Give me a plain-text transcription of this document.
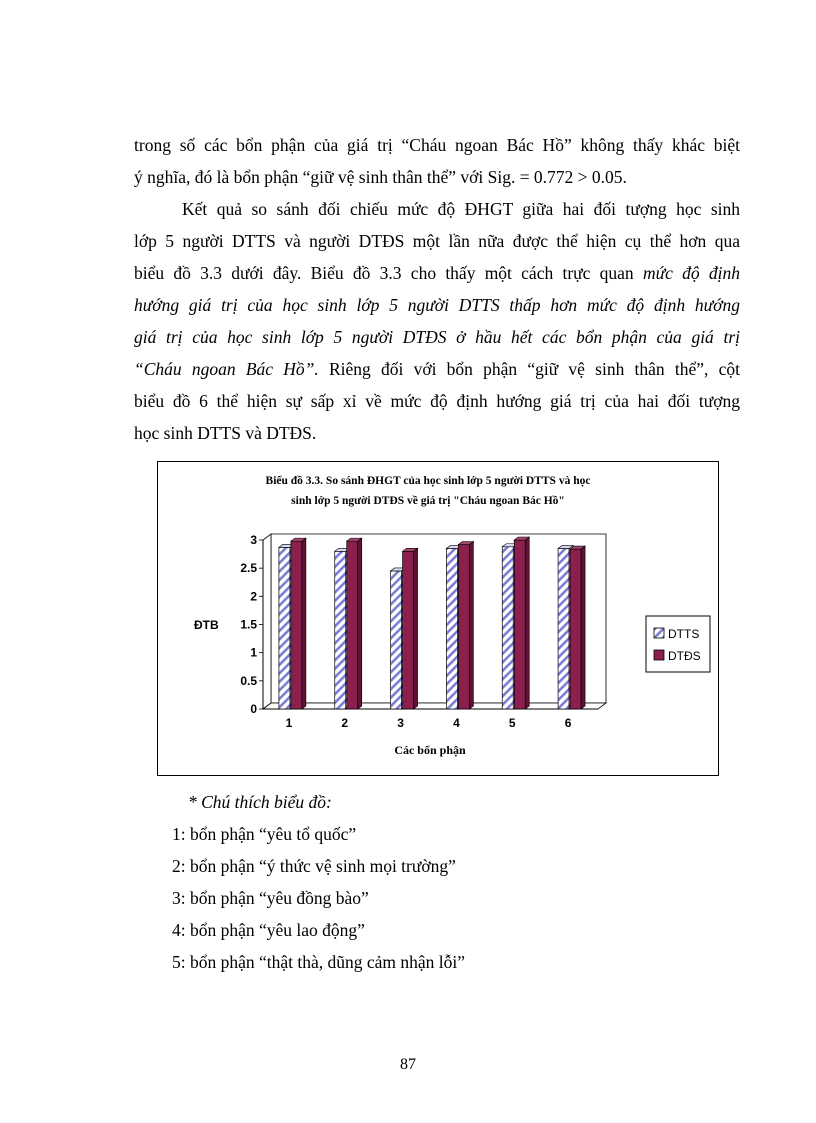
trong số các bổn phận của giá trị “Cháu ngoan Bác Hồ” không thấy khác biệt
ý nghĩa, đó là bổn phận “giữ vệ sinh thân thể” với Sig. = 0.772 > 0.05.
Kết quả so sánh đối chiếu mức độ ĐHGT giữa hai đối tượng học sinh
lớp 5 người DTTS và người DTĐS một lần nữa được thể hiện cụ thể hơn qua
biểu đồ 3.3 dưới đây. Biểu đồ 3.3 cho thấy một cách trực quan mức độ định
hướng giá trị của học sinh lớp 5 người DTTS thấp hơn mức độ định hướng
giá trị của học sinh lớp 5 người DTĐS ở hầu hết các bổn phận của giá trị
“Cháu ngoan Bác Hồ”. Riêng đối với bổn phận “giữ vệ sinh thân thể”, cột
biểu đồ 6 thể hiện sự sấp xỉ về mức độ định hướng giá trị của hai đối tượng
học sinh DTTS và DTĐS.
Biểu đồ 3.3. So sánh ĐHGT của học sinh lớp 5 người DTTS và học
sinh lớp 5 người DTĐS về giá trị "Cháu ngoan Bác Hồ"
0
0.5
1
1.5
2
2.5
3
1	2	3	4	5	6
ĐTB
Các bổn phận
DTTS
DTĐS
* Chú thích biểu đồ:
1: bổn phận “yêu tổ quốc”
2: bổn phận “ý thức vệ sinh mọi trường”
3: bổn phận “yêu đồng bào”
4: bổn phận “yêu lao động”
5: bổn phận “thật thà, dũng cảm nhận lỗi”
87
